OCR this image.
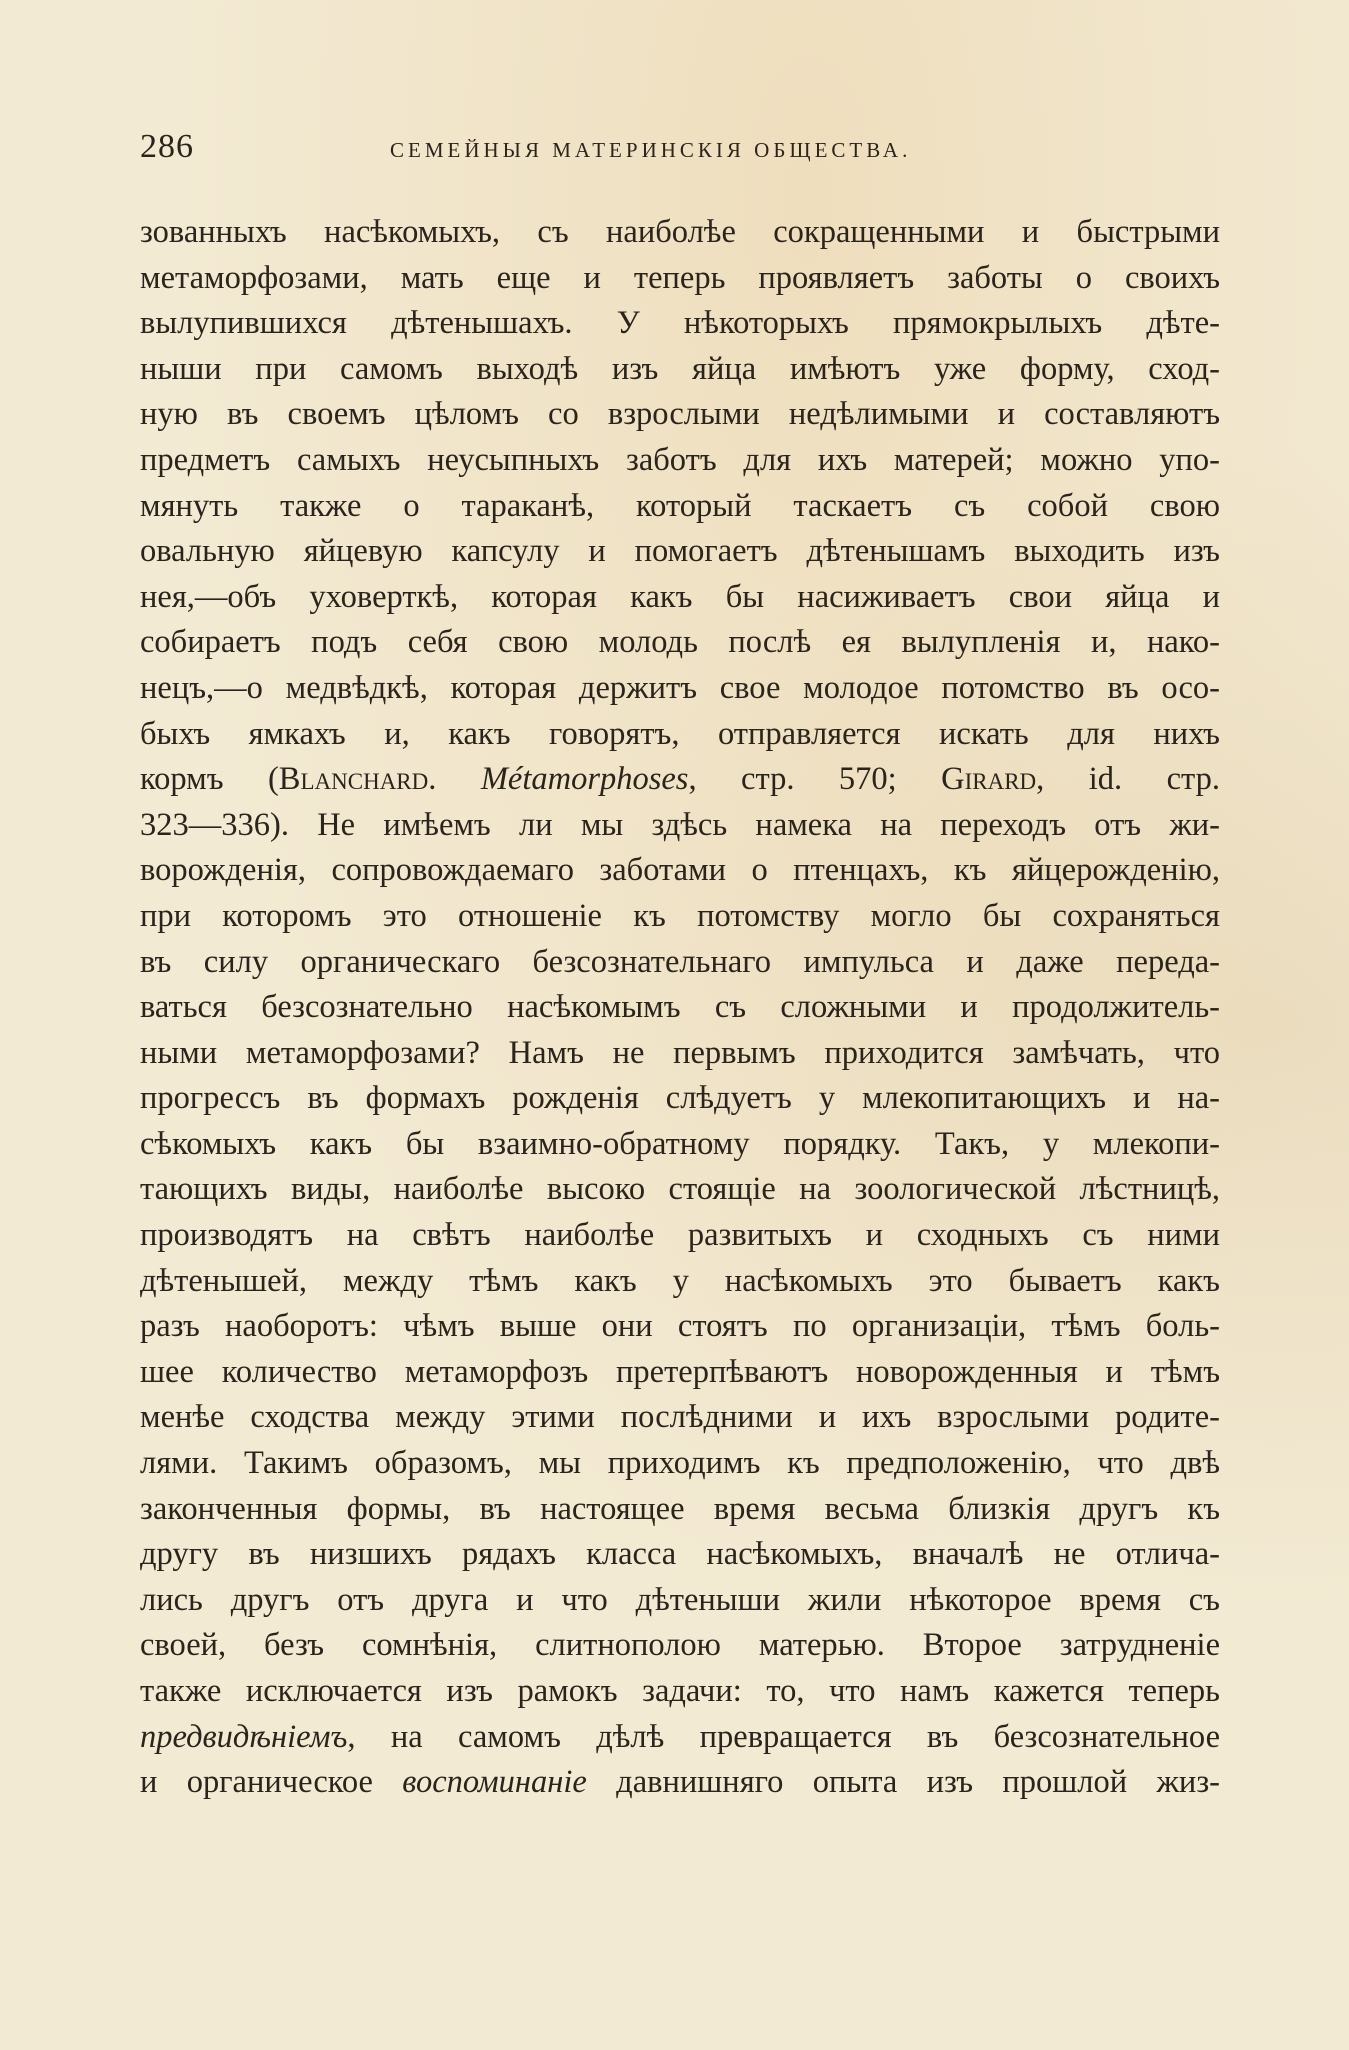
286	СЕМЕЙНЫЯ МАТЕРИНСКІЯ ОБЩЕСТВА.
зованныхъ насѣкомыхъ, съ наиболѣе сокращенными и быстрыми
метаморфозами, мать еще и теперь проявляетъ заботы о своихъ
вылупившихся дѣтенышахъ. У нѣкоторыхъ прямокрылыхъ дѣте-
ныши при самомъ выходѣ изъ яйца имѣютъ уже форму, сход-
ную въ своемъ цѣломъ со взрослыми недѣлимыми и составляютъ
предметъ самыхъ неусыпныхъ заботъ для ихъ матерей; можно упо-
мянуть также о тараканѣ, который таскаетъ съ собой свою
овальную яйцевую капсулу и помогаетъ дѣтенышамъ выходить изъ
нея,—объ уховерткѣ, которая какъ бы насиживаетъ свои яйца и
собираетъ подъ себя свою молодь послѣ ея вылупленія и, нако-
нецъ,—о медвѣдкѣ, которая держитъ свое молодое потомство въ осо-
быхъ ямкахъ и, какъ говорятъ, отправляется искать для нихъ
кормъ (Blanchard. Métamorphoses, стр. 570; Girard, id. стр.
323—336). Не имѣемъ ли мы здѣсь намека на переходъ отъ жи-
ворожденія, сопровождаемаго заботами о птенцахъ, къ яйцерожденію,
при которомъ это отношеніе къ потомству могло бы сохраняться
въ силу органическаго безсознательнаго импульса и даже переда-
ваться безсознательно насѣкомымъ съ сложными и продолжитель-
ными метаморфозами? Намъ не первымъ приходится замѣчать, что
прогрессъ въ формахъ рожденія слѣдуетъ у млекопитающихъ и на-
сѣкомыхъ какъ бы взаимно-обратному порядку. Такъ, у млекопи-
тающихъ виды, наиболѣе высоко стоящіе на зоологической лѣстницѣ,
производятъ на свѣтъ наиболѣе развитыхъ и сходныхъ съ ними
дѣтенышей, между тѣмъ какъ у насѣкомыхъ это бываетъ какъ
разъ наоборотъ: чѣмъ выше они стоятъ по организаціи, тѣмъ боль-
шее количество метаморфозъ претерпѣваютъ новорожденныя и тѣмъ
менѣе сходства между этими послѣдними и ихъ взрослыми родите-
лями. Такимъ образомъ, мы приходимъ къ предположенію, что двѣ
законченныя формы, въ настоящее время весьма близкія другъ къ
другу въ низшихъ рядахъ класса насѣкомыхъ, вначалѣ не отлича-
лись другъ отъ друга и что дѣтеныши жили нѣкоторое время съ
своей, безъ сомнѣнія, слитнополою матерью. Второе затрудненіе
также исключается изъ рамокъ задачи: то, что намъ кажется теперь
предвидѣніемъ, на самомъ дѣлѣ превращается въ безсознательное
и органическое воспоминаніе давнишняго опыта изъ прошлой жиз-
